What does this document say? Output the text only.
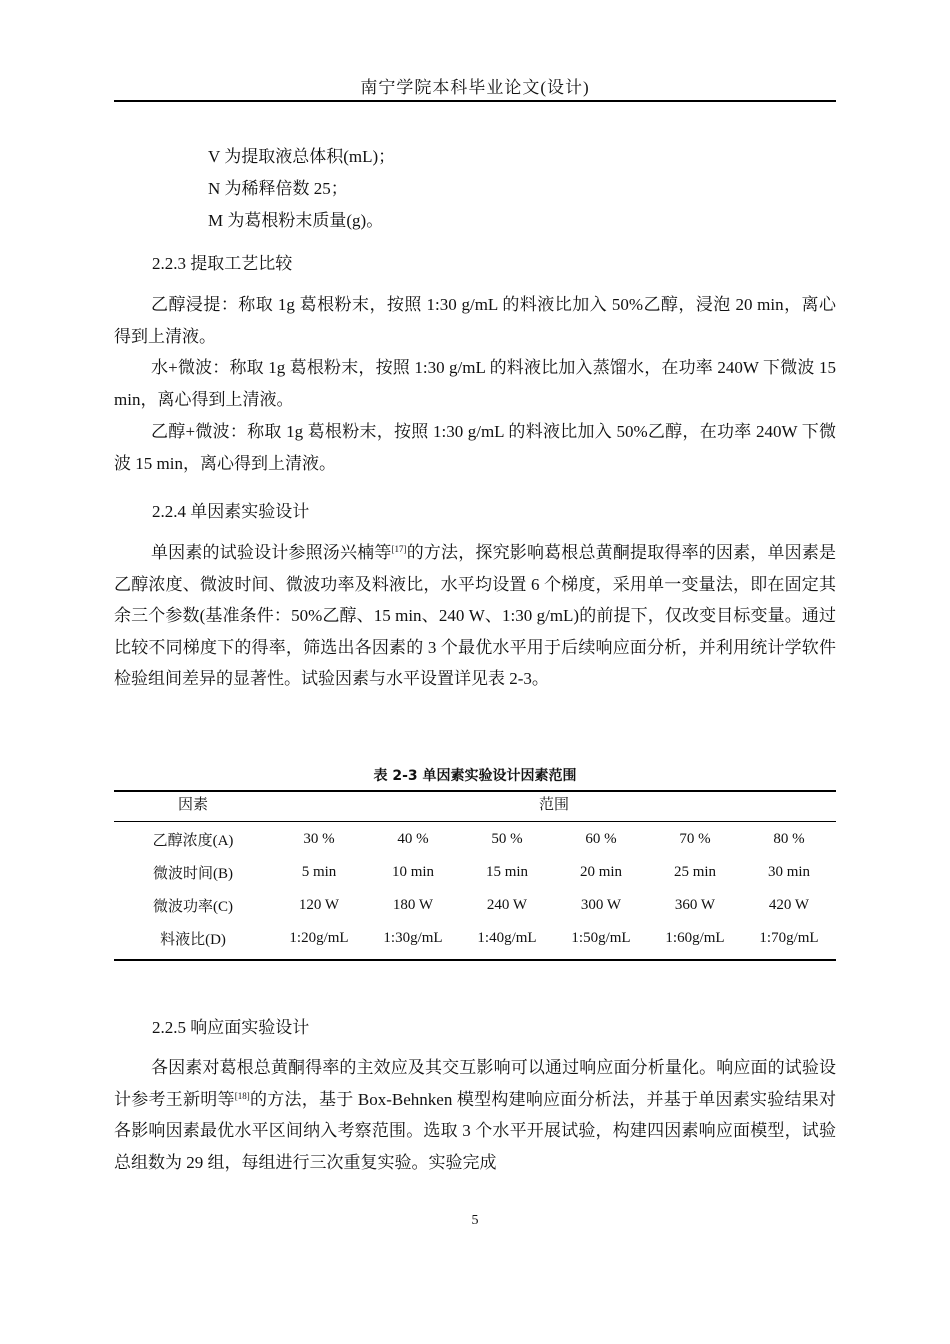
南宁学院本科毕业论文(设计)
V 为提取液总体积(mL)；
N 为稀释倍数 25；
M 为葛根粉末质量(g)。
2.2.3 提取工艺比较
乙醇浸提：称取 1g 葛根粉末，按照 1:30 g/mL 的料液比加入 50%乙醇，浸泡 20 min，离心得到上清液。
水+微波：称取 1g 葛根粉末，按照 1:30 g/mL 的料液比加入蒸馏水，在功率 240W 下微波 15 min，离心得到上清液。
乙醇+微波：称取 1g 葛根粉末，按照 1:30 g/mL 的料液比加入 50%乙醇，在功率 240W 下微波 15 min，离心得到上清液。
2.2.4 单因素实验设计
单因素的试验设计参照汤兴楠等[17]的方法，探究影响葛根总黄酮提取得率的因素，单因素是乙醇浓度、微波时间、微波功率及料液比，水平均设置 6 个梯度，采用单一变量法，即在固定其余三个参数(基准条件：50%乙醇、15 min、240 W、1:30 g/mL)的前提下，仅改变目标变量。通过比较不同梯度下的得率，筛选出各因素的 3 个最优水平用于后续响应面分析，并利用统计学软件检验组间差异的显著性。试验因素与水平设置详见表 2-3。
表 2-3 单因素实验设计因素范围
因素	范围					
乙醇浓度(A)	30 %	40 %	50 %	60 %	70 %	80 %
微波时间(B)	5 min	10 min	15 min	20 min	25 min	30 min
微波功率(C)	120 W	180 W	240 W	300 W	360 W	420 W
料液比(D)	1:20g/mL	1:30g/mL	1:40g/mL	1:50g/mL	1:60g/mL	1:70g/mL
2.2.5 响应面实验设计
各因素对葛根总黄酮得率的主效应及其交互影响可以通过响应面分析量化。响应面的试验设计参考王新明等[18]的方法，基于 Box-Behnken 模型构建响应面分析法，并基于单因素实验结果对各影响因素最优水平区间纳入考察范围。选取 3 个水平开展试验，构建四因素响应面模型，试验总组数为 29 组，每组进行三次重复实验。实验完成
5
